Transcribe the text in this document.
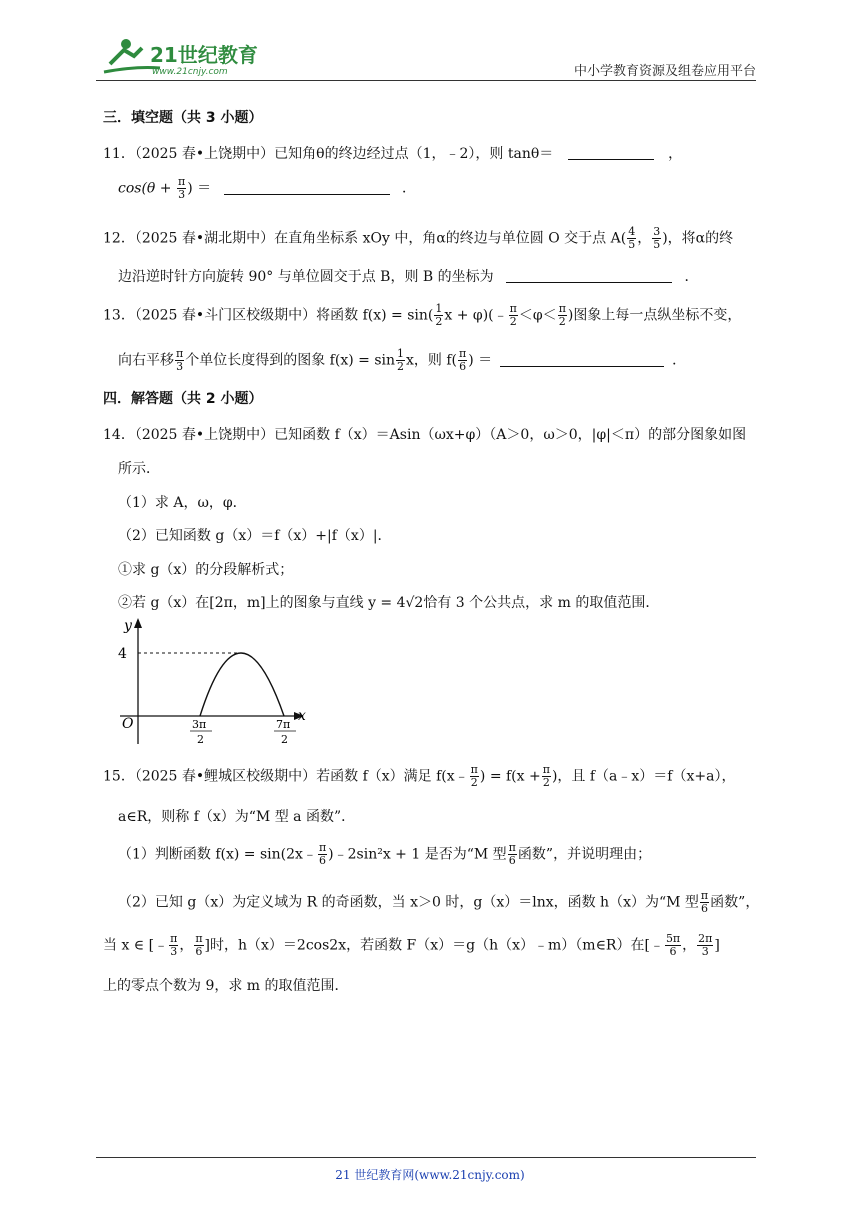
21世纪教育
www.21cnjy.com	中小学教育资源及组卷应用平台
三．填空题（共 3 小题）
11．（2025 春•上饶期中）已知角θ的终边经过点（1，﹣2），则 tanθ＝	，
$\cos(\theta + \frac{\pi}{3}$ ) ＝	．
12．（2025 春•湖北期中）在直角坐标系 xOy 中，角α的终边与单位圆 O 交于点 $A( \frac{4}{5}$ ， $\frac{3}{5}$ )，将α的终
边沿逆时针方向旋转 90° 与单位圆交于点 B，则 B 的坐标为	．
13．（2025 春•斗门区校级期中）将函数 $f(x) = \sin( \frac{1}{2}$ x + φ)(﹣ $\frac{\pi}{2} <\varphi< \frac{\pi}{2}$ )图象上每一点纵坐标不变，
向右平移 $\frac{\pi}{3}$ 个单位长度得到的图象 $f(x) = \sin \frac{1}{2}$ x，则 $f( \frac{\pi}{6}$ ) ＝	．
四．解答题（共 2 小题）
14．（2025 春•上饶期中）已知函数 f（x）＝Asin（ωx+φ）（A＞0，ω＞0，|φ|＜π）的部分图象如图
所示．
（1）求 A，ω，φ．
（2）已知函数 g（x）＝f（x）+|f（x）|．
①求 g（x）的分段解析式；
②若 g（x）在[2π，m]上的图象与直线 y = 4√2恰有 3 个公共点，求 m 的取值范围．
y
x
O
4
3π
2
7π
2
15．（2025 春•鲤城区校级期中）若函数 f（x）满足 f(x﹣ $\frac{\pi}{2}$ ) = $f(x + \frac{\pi}{2}$ )，且 f（a﹣x）＝f（x+a），
a∈R，则称 f（x）为“M 型 a 函数”．
（1）判断函数 f(x) = sin(2x﹣ $\frac{\pi}{6}$ )﹣2sin²x + 1 是否为“M 型 $\frac{\pi}{6}$ 函数”，并说明理由；
（2）已知 g（x）为定义域为 R 的奇函数，当 x＞0 时，g（x）＝lnx，函数 h（x）为“M 型 $\frac{\pi}{6}$ 函数”，
当 x ∈ [﹣ $\frac{\pi}{3}$ ， $\frac{\pi}{6}$ ]时，h（x）＝2cos2x，若函数 F（x）＝g（h（x）﹣m）（m∈R）在[﹣ $\frac{5\pi}{6}$ ， $\frac{2\pi}{3}$ ]
上的零点个数为 9，求 m 的取值范围．
21 世纪教育网(www.21cnjy.com)
